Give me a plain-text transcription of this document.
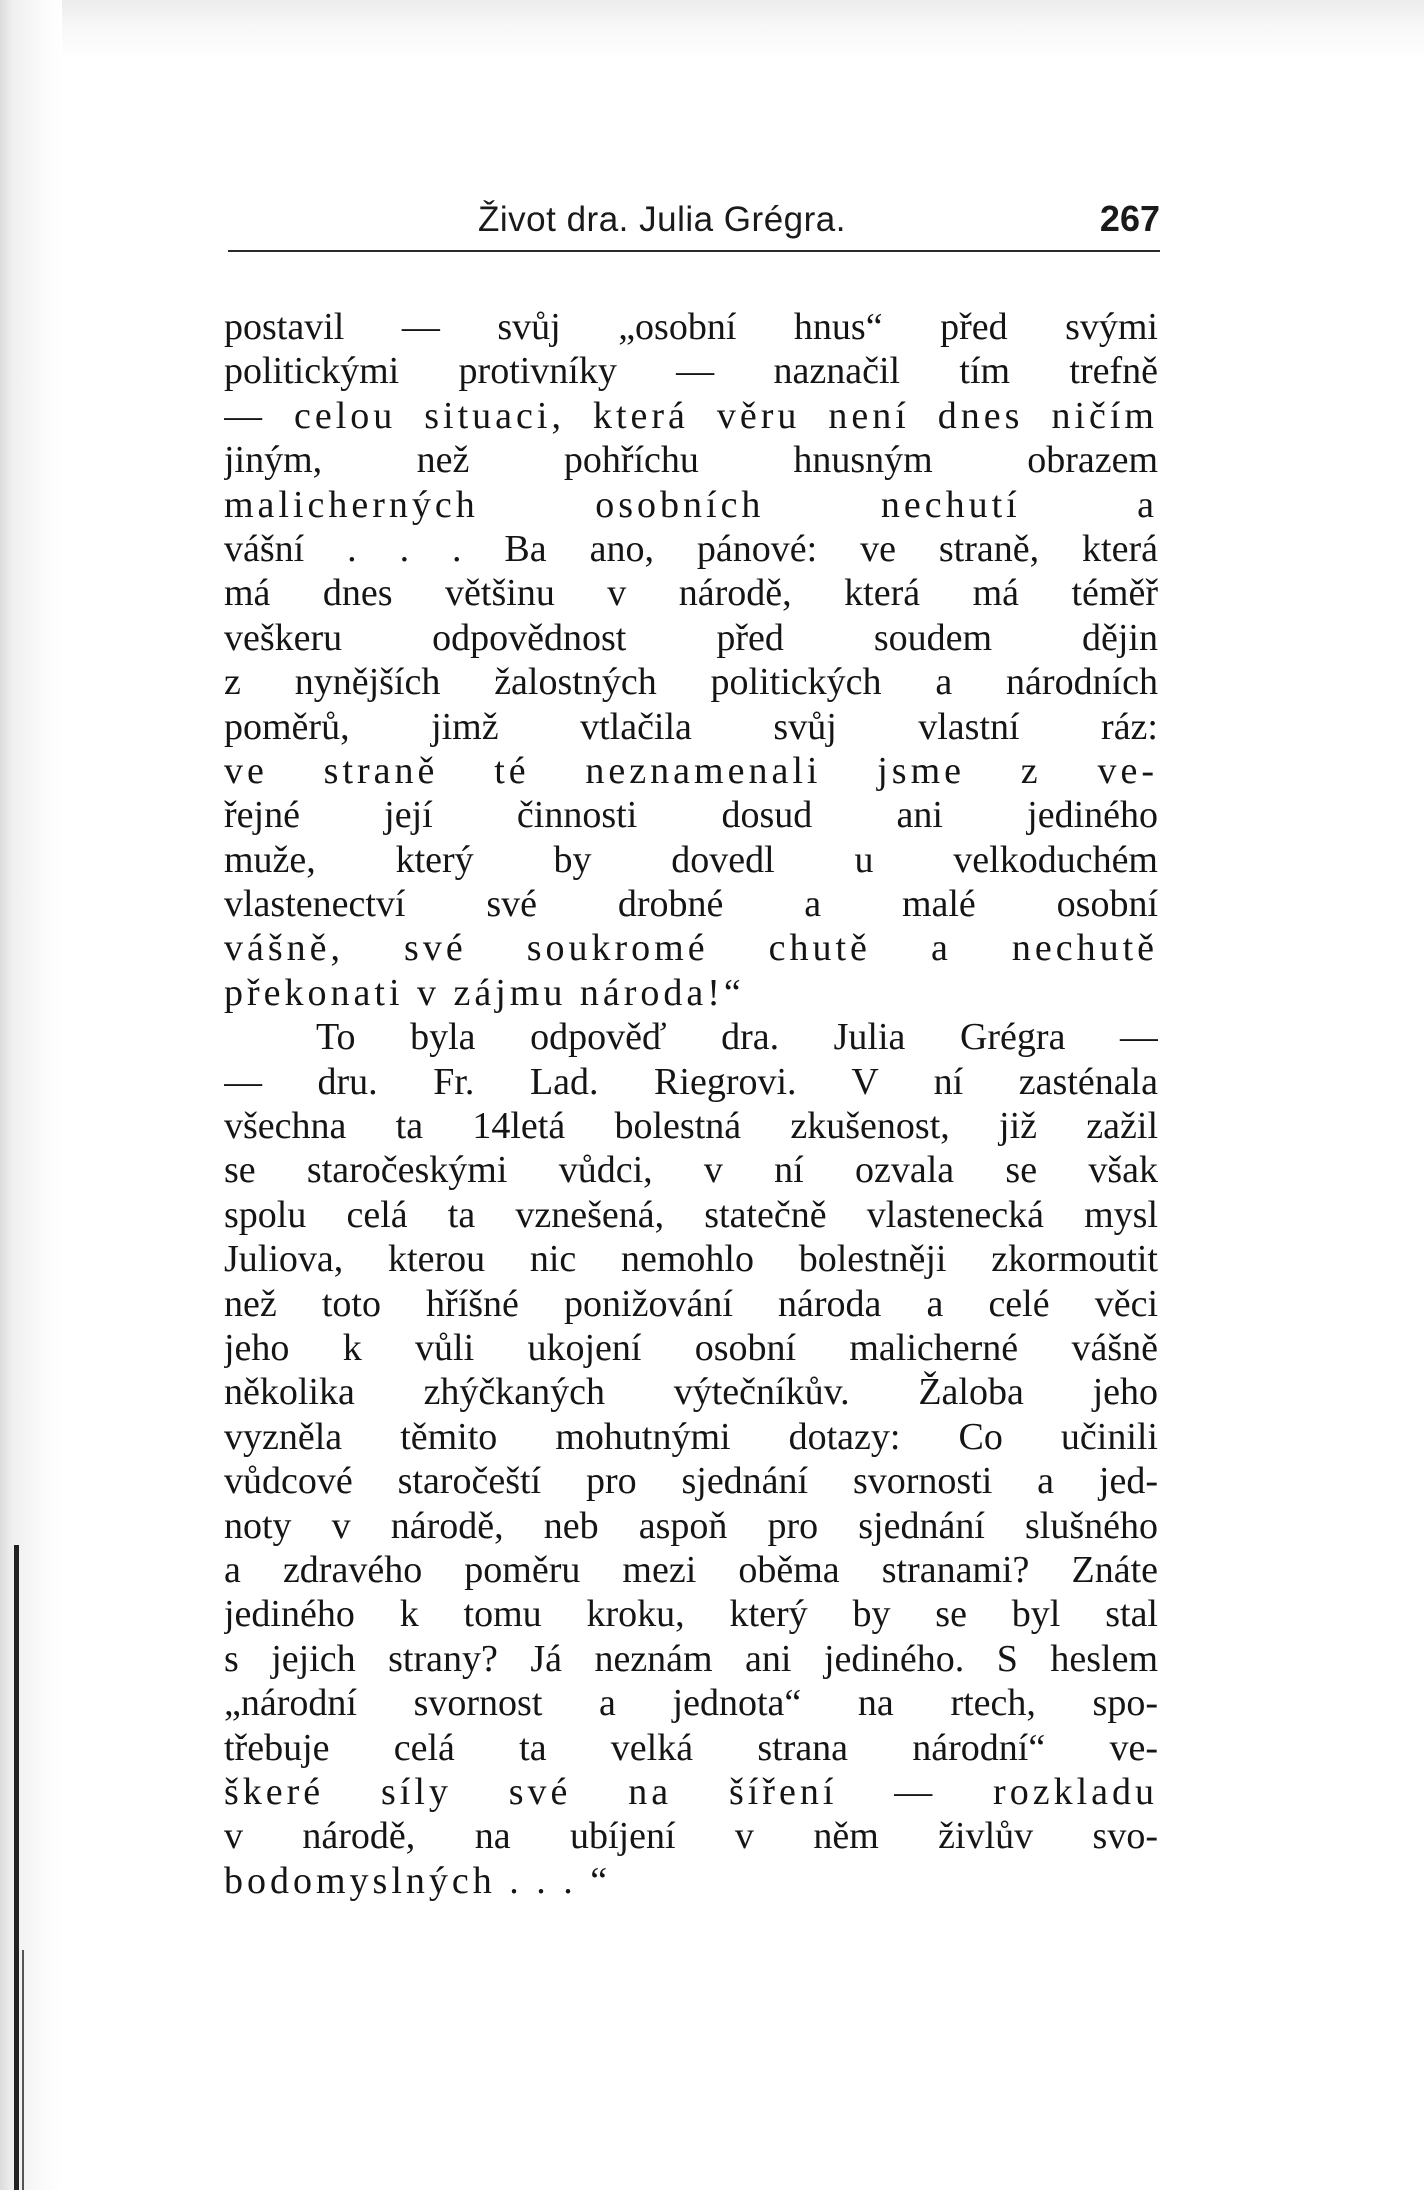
Život dra. Julia Grégra.	267
postavil — svůj „osobní hnus“ před svými
politickými protivníky — naznačil tím trefně
— celou situaci, která věru není dnes ničím
jiným, než pohříchu hnusným obrazem
malicherných osobních nechutí a
vášní . . . Ba ano, pánové: ve straně, která
má dnes většinu v národě, která má téměř
veškeru odpovědnost před soudem dějin
z nynějších žalostných politických a národních
poměrů, jimž vtlačila svůj vlastní ráz:
ve straně té neznamenali jsme z ve-
řejné její činnosti dosud ani jediného
muže, který by dovedl u velkoduchém
vlastenectví své drobné a malé osobní
vášně, své soukromé chutě a nechutě
překonati v zájmu národa!“
To byla odpověď dra. Julia Grégra —
— dru. Fr. Lad. Riegrovi. V ní zasténala
všechna ta 14letá bolestná zkušenost, již zažil
se staročeskými vůdci, v ní ozvala se však
spolu celá ta vznešená, statečně vlastenecká mysl
Juliova, kterou nic nemohlo bolestněji zkormoutit
než toto hříšné ponižování národa a celé věci
jeho k vůli ukojení osobní malicherné vášně
několika zhýčkaných výtečníkův. Žaloba jeho
vyzněla těmito mohutnými dotazy: Co učinili
vůdcové staročeští pro sjednání svornosti a jed-
noty v národě, neb aspoň pro sjednání slušného
a zdravého poměru mezi oběma stranami? Znáte
jediného k tomu kroku, který by se byl stal
s jejich strany? Já neznám ani jediného. S heslem
„národní svornost a jednota“ na rtech, spo-
třebuje celá ta velká strana národní“ ve-
škeré síly své na šíření — rozkladu
v národě, na ubíjení v něm živlův svo-
bodomyslných . . . “
